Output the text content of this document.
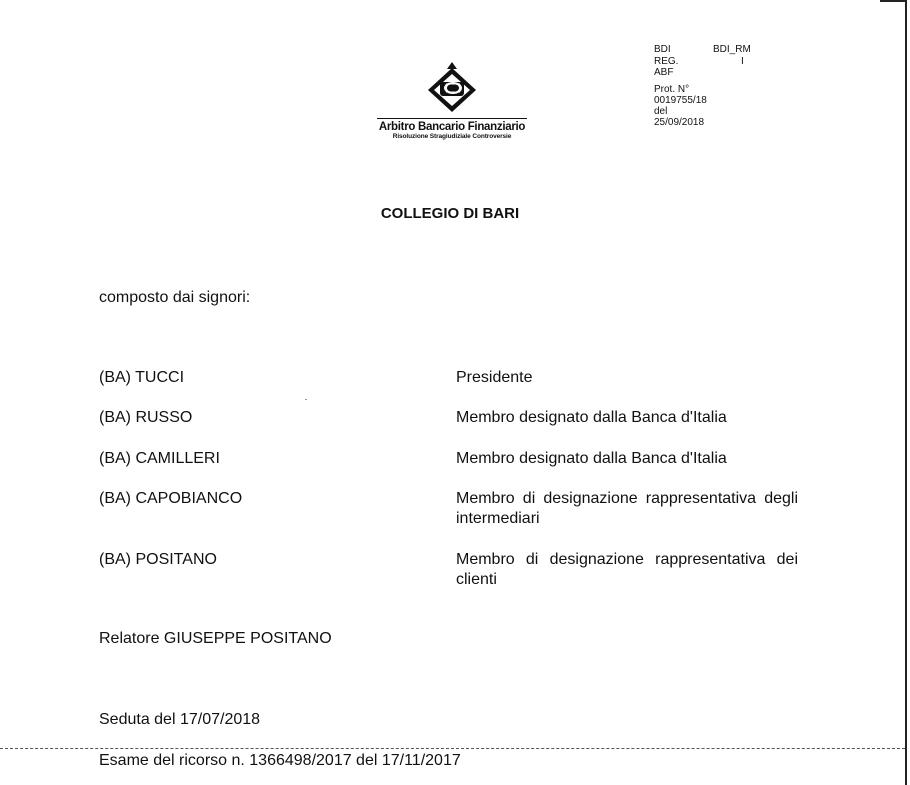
BDI	BDI_RM
REG. ABF
I
Prot. N° 0019755/18 del 25/09/2018
Arbitro Bancario Finanziario
Risoluzione Stragiudiziale Controversie
COLLEGIO DI BARI
composto dai signori:
(BA) TUCCI	Presidente
(BA) RUSSO	Membro designato dalla Banca d'Italia
(BA) CAMILLERI	Membro designato dalla Banca d'Italia
(BA) CAPOBIANCO	Membro di designazione rappresentativa degli intermediari
(BA) POSITANO	Membro di designazione rappresentativa dei clienti
Relatore GIUSEPPE POSITANO
Seduta del 17/07/2018
Esame del ricorso n. 1366498/2017 del 17/11/2017
